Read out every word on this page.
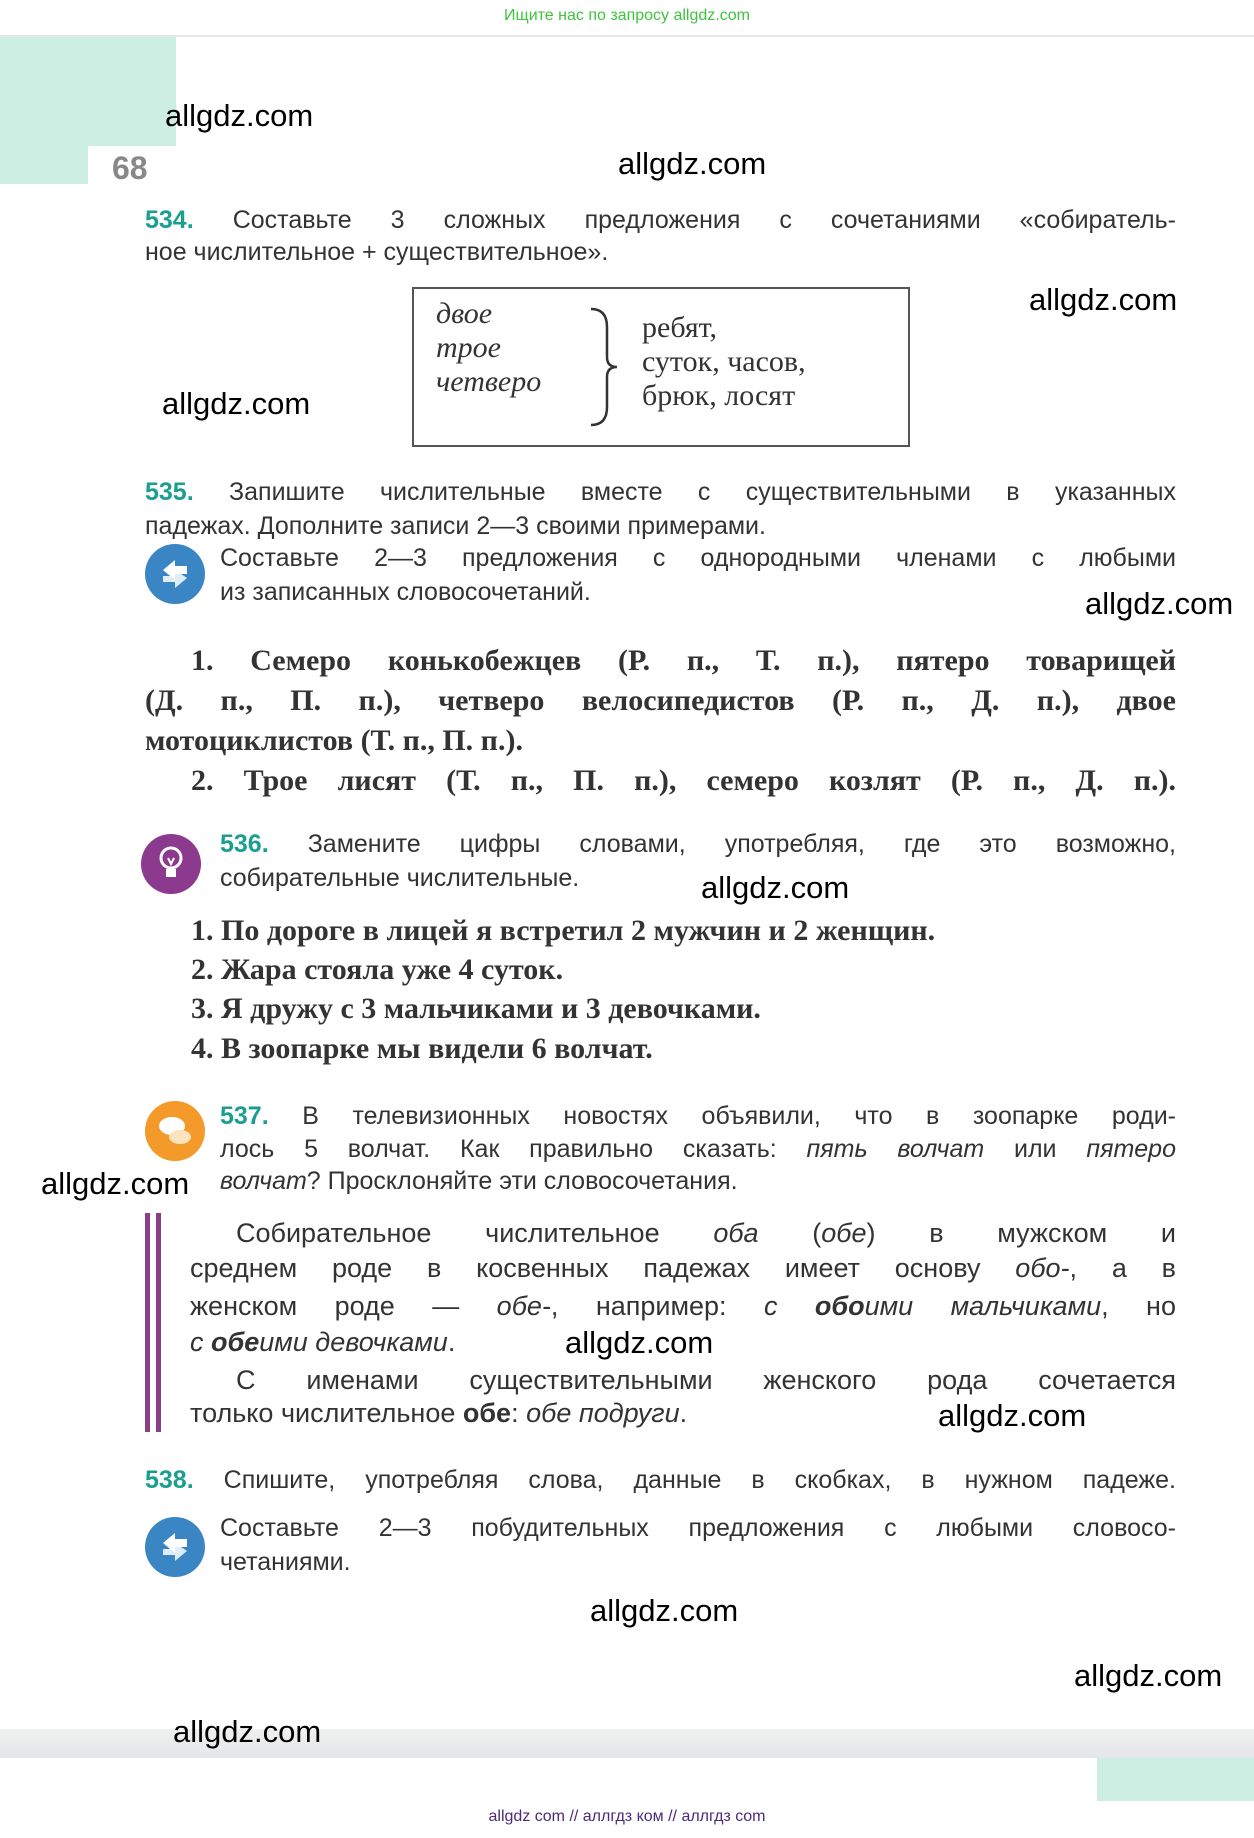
Ищите нас по запросу allgdz.com
68
534. Составьте 3 сложных предложения с сочетаниями «собиратель-
ное числительное + существительное».
двое
трое
четверо
ребят,
суток, часов,
брюк, лосят
535. Запишите числительные вместе с существительными в указанных
падежах. Дополните записи 2—3 своими примерами.
Составьте 2—3 предложения с однородными членами с любыми
из записанных словосочетаний.
1. Семеро конькобежцев (Р. п., Т. п.), пятеро товарищей
(Д. п., П. п.), четверо велосипедистов (Р. п., Д. п.), двое
мотоциклистов (Т. п., П. п.).
2. Трое лисят (Т. п., П. п.), семеро козлят (Р. п., Д. п.).
536. Замените цифры словами, употребляя, где это возможно,
собирательные числительные.
1. По дороге в лицей я встретил 2 мужчин и 2 женщин.
2. Жара стояла уже 4 суток.
3. Я дружу с 3 мальчиками и 3 девочками.
4. В зоопарке мы видели 6 волчат.
537. В телевизионных новостях объявили, что в зоопарке роди-
лось 5 волчат. Как правильно сказать: пять волчат или пятеро
волчат? Просклоняйте эти словосочетания.
Собирательное числительное оба (обе) в мужском и
среднем роде в косвенных падежах имеет основу обо-, а в
женском роде — обе-, например: с обоими мальчиками, но
с обеими девочками.
С именами существительными женского рода сочетается
только числительное обе: обе подруги.
538. Спишите, употребляя слова, данные в скобках, в нужном падеже.
Составьте 2—3 побудительных предложения с любыми словосо-
четаниями.
allgdz.com
allgdz.com
allgdz.com
allgdz.com
allgdz.com
allgdz.com
allgdz.com
allgdz.com
allgdz.com
allgdz.com
allgdz.com
allgdz.com
allgdz com // аллгдз ком // аллгдз com
